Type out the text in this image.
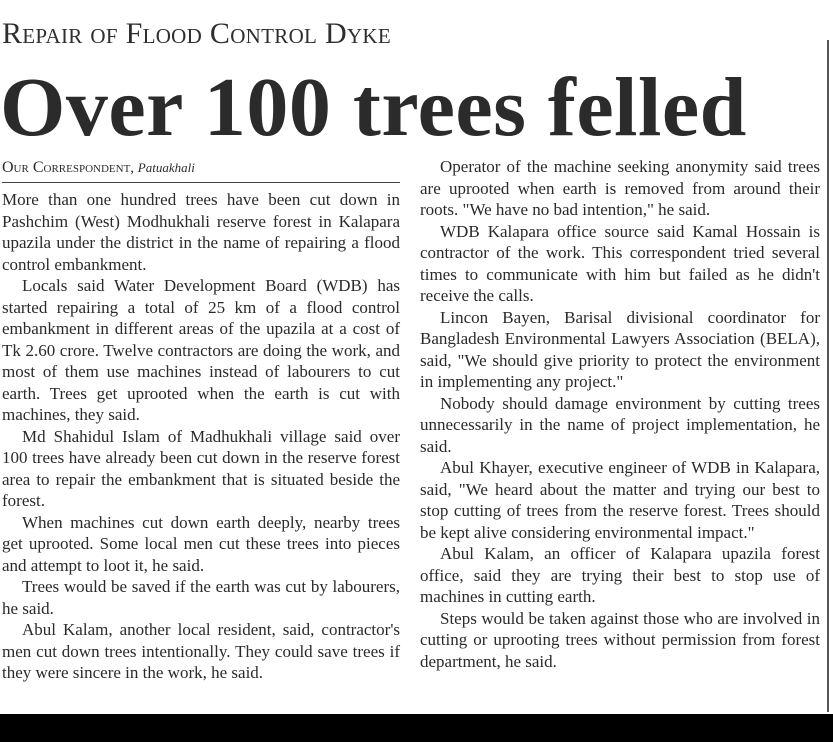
Repair of Flood Control Dyke
Over 100 trees felled
Our Correspondent, Patuakhali

More than one hundred trees have been cut down in Pashchim (West) Modhukhali reserve forest in Kalapara upazila under the district in the name of repairing a flood control embankment.

Locals said Water Development Board (WDB) has started repairing a total of 25 km of a flood control embankment in different areas of the upazila at a cost of Tk 2.60 crore. Twelve contractors are doing the work, and most of them use machines instead of labourers to cut earth. Trees get uprooted when the earth is cut with machines, they said.

Md Shahidul Islam of Madhukhali village said over 100 trees have already been cut down in the reserve forest area to repair the embankment that is situated beside the forest.

When machines cut down earth deeply, nearby trees get uprooted. Some local men cut these trees into pieces and attempt to loot it, he said.

Trees would be saved if the earth was cut by labourers, he said.

Abul Kalam, another local resident, said, contractor's men cut down trees intentionally. They could save trees if they were sincere in the work, he said.

Operator of the machine seeking anonymity said trees are uprooted when earth is removed from around their roots. "We have no bad intention," he said.

WDB Kalapara office source said Kamal Hossain is contractor of the work. This correspondent tried several times to communicate with him but failed as he didn't receive the calls.

Lincon Bayen, Barisal divisional coordinator for Bangladesh Environmental Lawyers Association (BELA), said, "We should give priority to protect the environment in implementing any project."

Nobody should damage environment by cutting trees unnecessarily in the name of project implementation, he said.

Abul Khayer, executive engineer of WDB in Kalapara, said, "We heard about the matter and trying our best to stop cutting of trees from the reserve forest. Trees should be kept alive considering environmental impact."

Abul Kalam, an officer of Kalapara upazila forest office, said they are trying their best to stop use of machines in cutting earth.

Steps would be taken against those who are involved in cutting or uprooting trees without permission from forest department, he said.
